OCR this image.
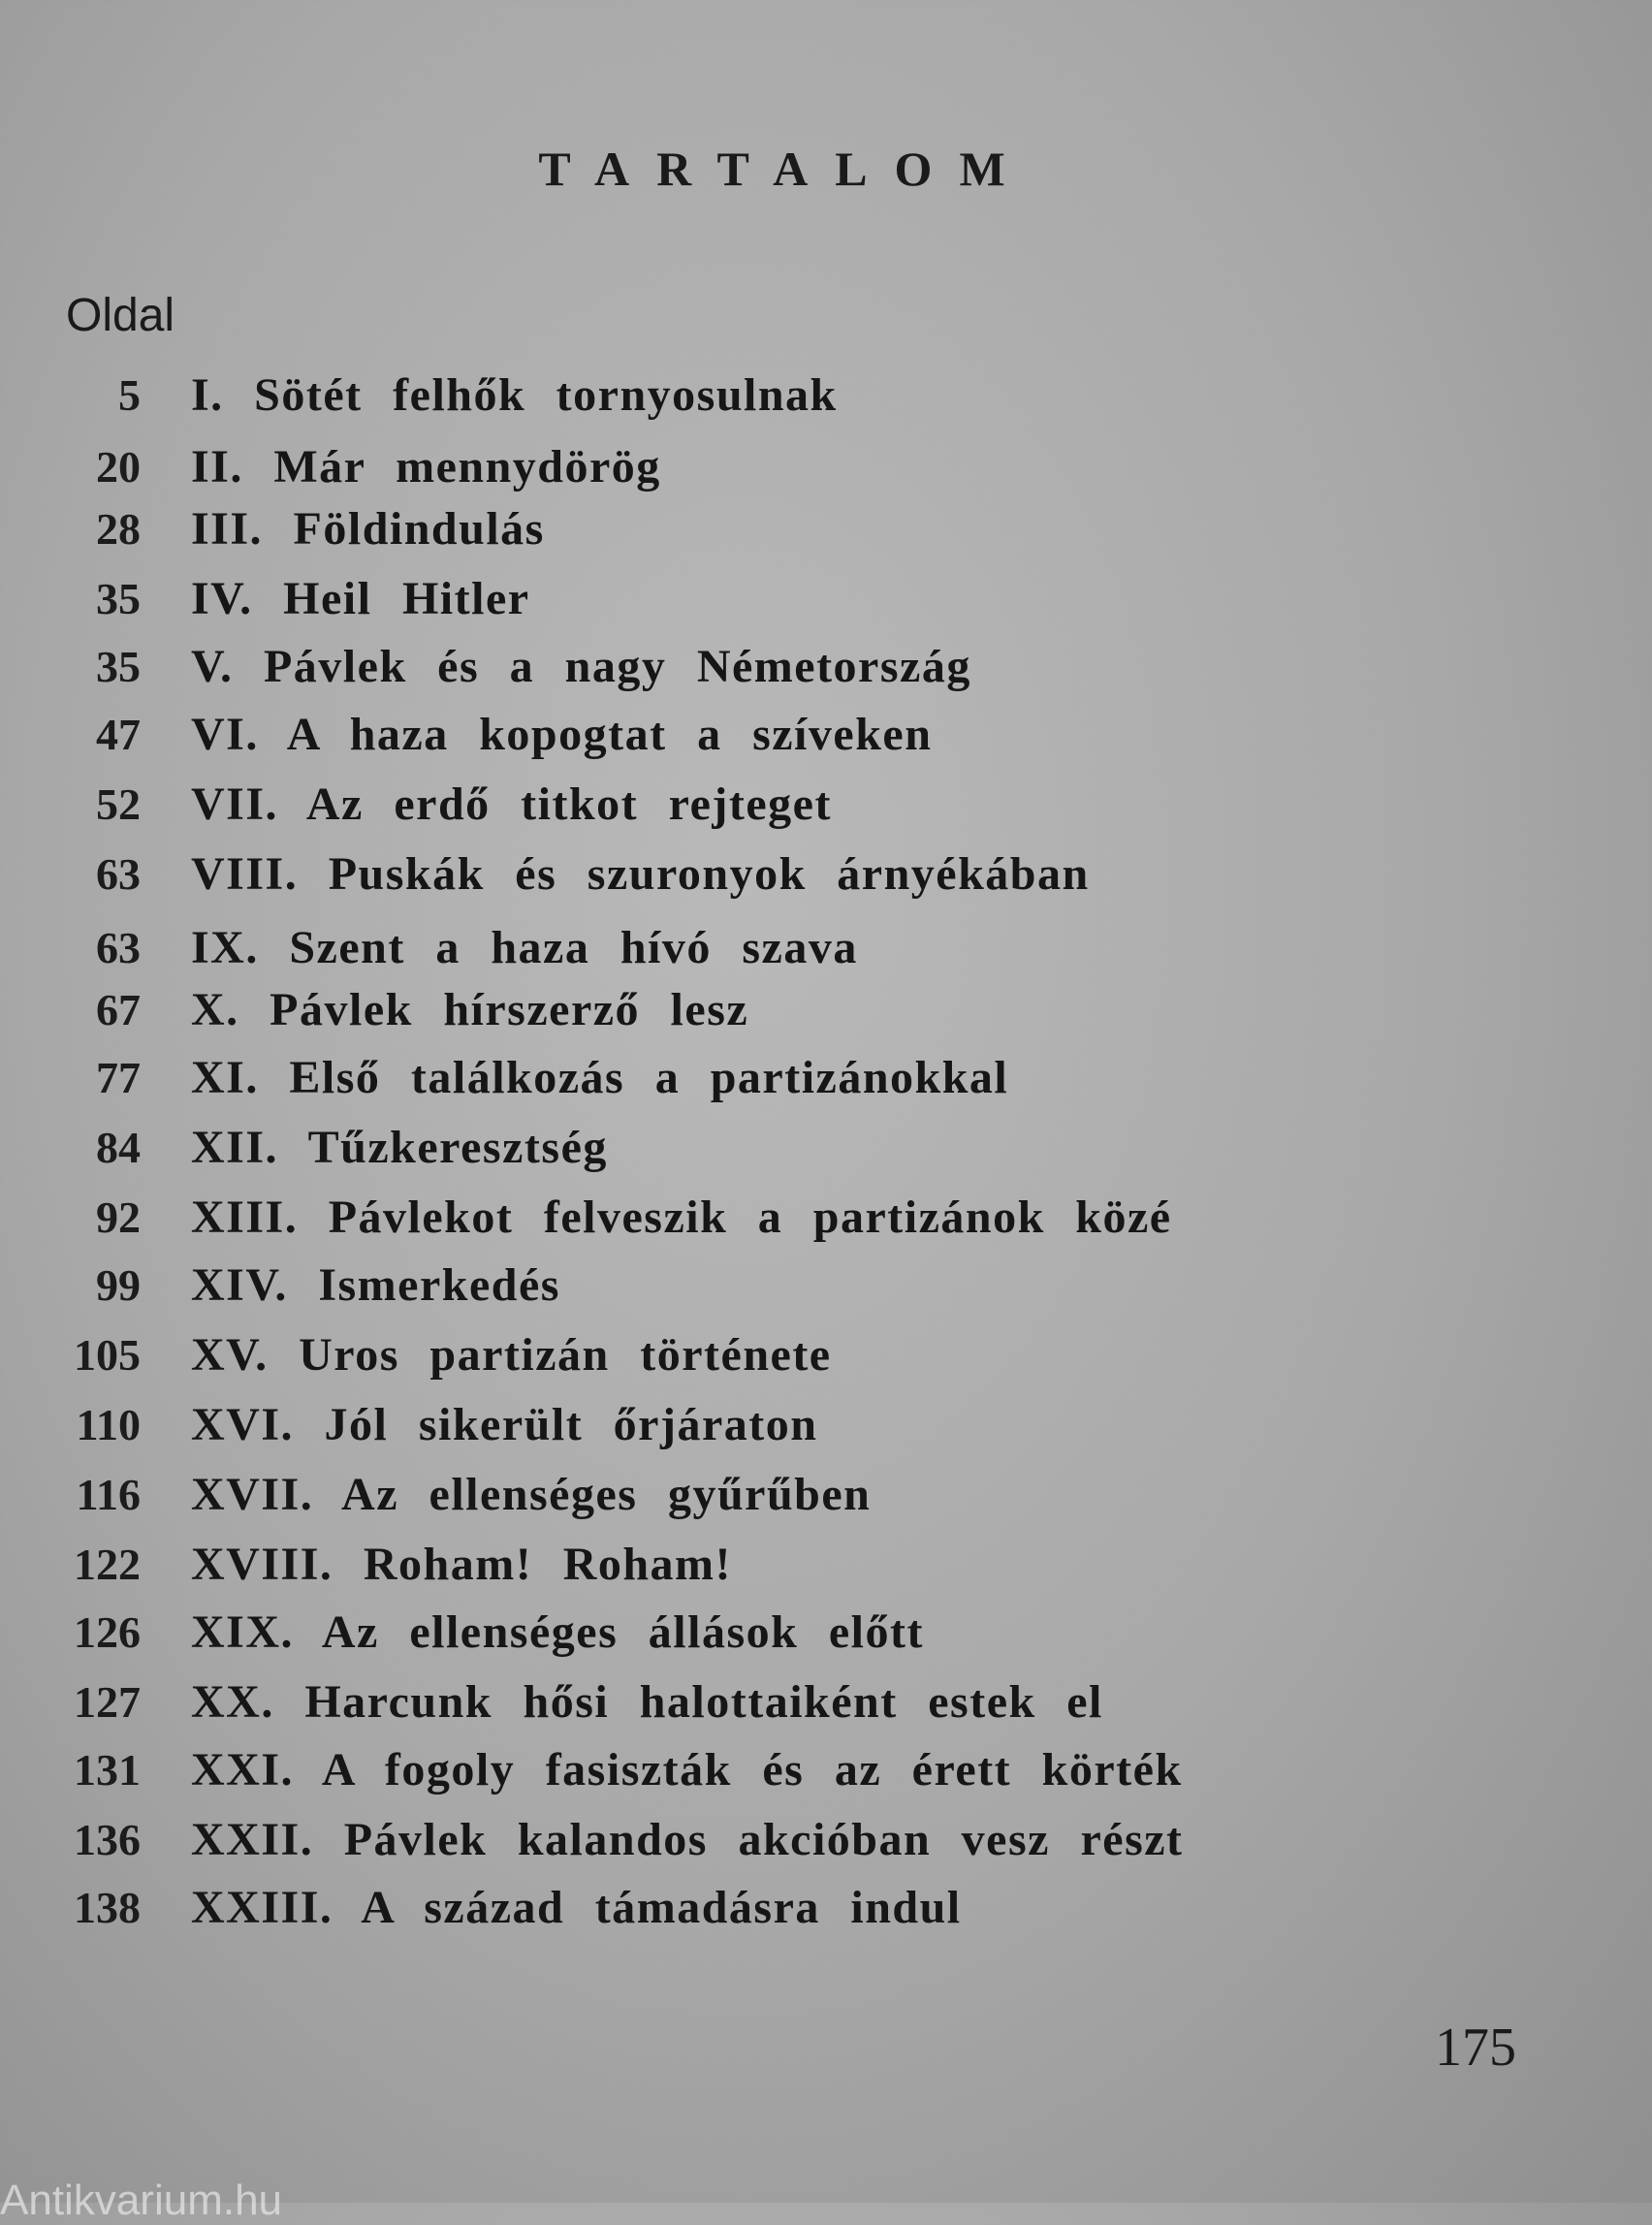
TARTALOM
Oldal
5 I. Sötét felhők tornyosulnak
20 II. Már mennydörög
28 III. Földindulás
35 IV. Heil Hitler
35 V. Pávlek és a nagy Németország
47 VI. A haza kopogtat a szíveken
52 VII. Az erdő titkot rejteget
63 VIII. Puskák és szuronyok árnyékában
63 IX. Szent a haza hívó szava
67 X. Pávlek hírszerző lesz
77 XI. Első találkozás a partizánokkal
84 XII. Tűzkeresztség
92 XIII. Pávlekot felveszik a partizánok közé
99 XIV. Ismerkedés
105 XV. Uros partizán története
110 XVI. Jól sikerült őrjáraton
116 XVII. Az ellenséges gyűrűben
122 XVIII. Roham! Roham!
126 XIX. Az ellenséges állások előtt
127 XX. Harcunk hősi halottaiként estek el
131 XXI. A fogoly fasiszták és az érett körték
136 XXII. Pávlek kalandos akcióban vesz részt
138 XXIII. A század támadásra indul
175
Antikvarium.hu
